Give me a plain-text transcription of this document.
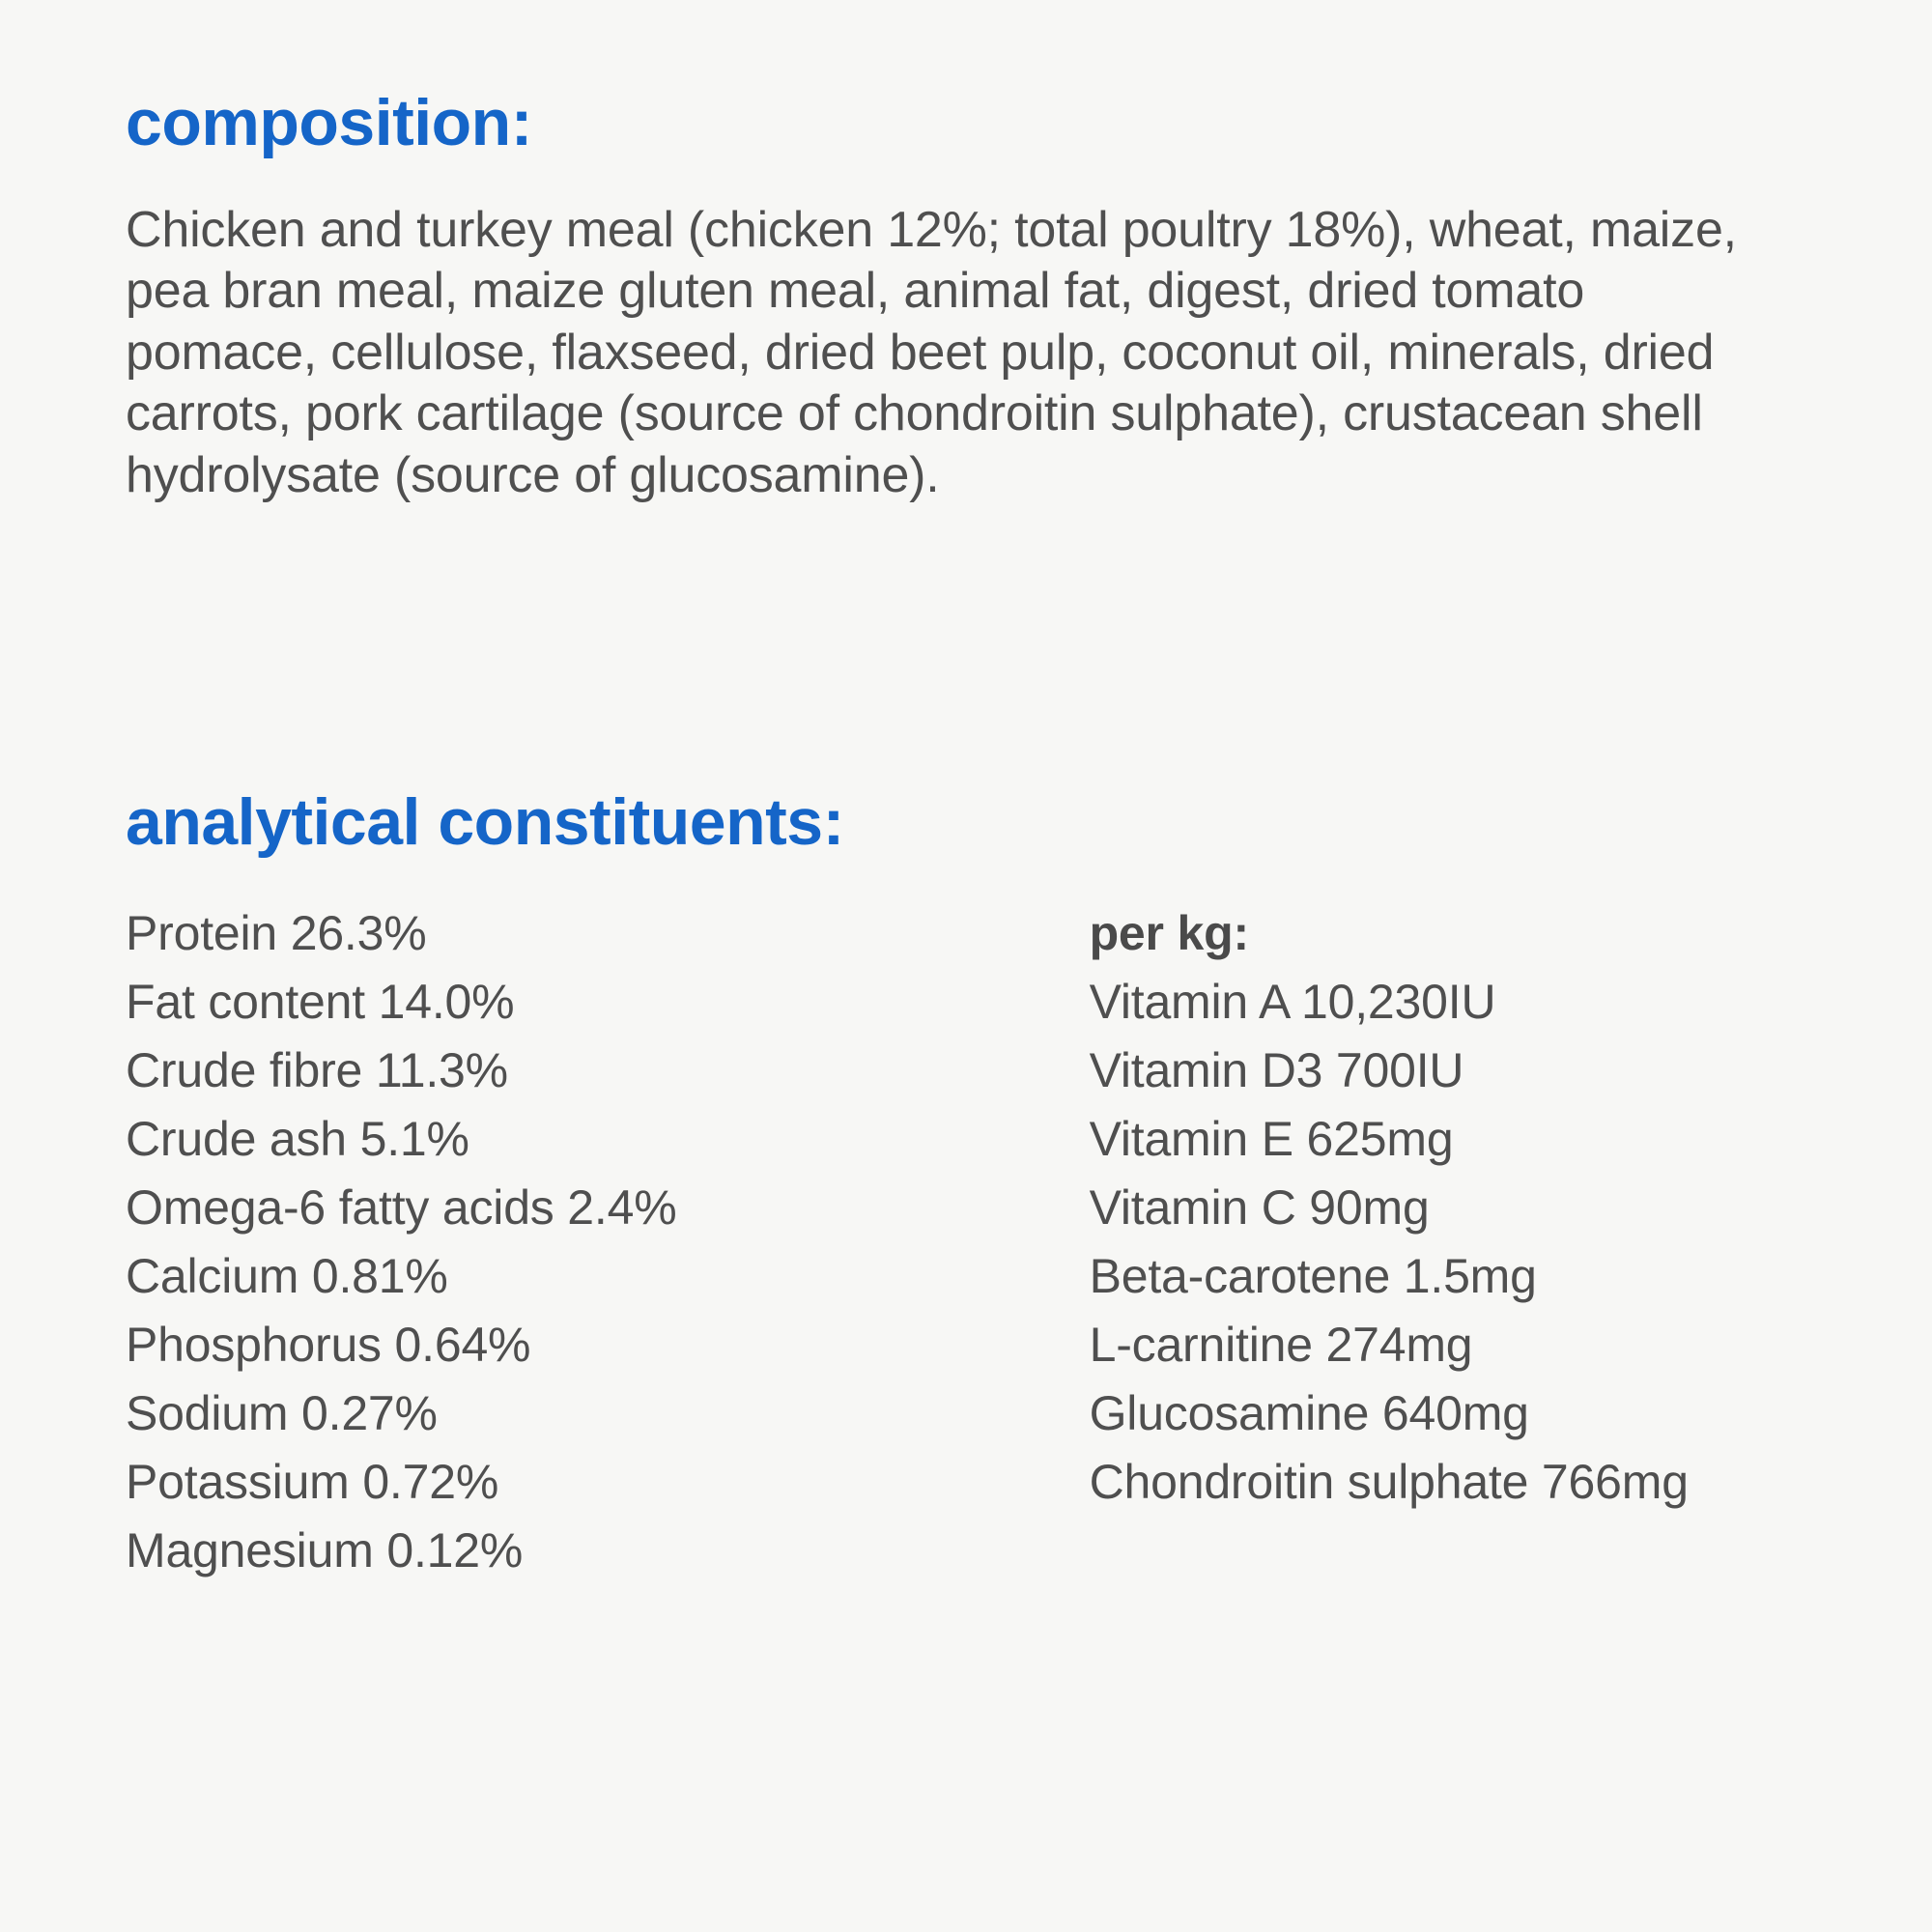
composition:

Chicken and turkey meal (chicken 12%; total poultry 18%), wheat, maize, pea bran meal, maize gluten meal, animal fat, digest, dried tomato pomace, cellulose, flaxseed, dried beet pulp, coconut oil, minerals, dried carrots, pork cartilage (source of chondroitin sulphate), crustacean shell hydrolysate (source of glucosamine).

analytical constituents:
Protein 26.3%
Fat content 14.0%
Crude fibre 11.3%
Crude ash 5.1%
Omega-6 fatty acids 2.4%
Calcium 0.81%
Phosphorus 0.64%
Sodium 0.27%
Potassium 0.72%
Magnesium 0.12%
per kg:
Vitamin A 10,230IU
Vitamin D3 700IU
Vitamin E 625mg
Vitamin C 90mg
Beta-carotene 1.5mg
L-carnitine 274mg
Glucosamine 640mg
Chondroitin sulphate 766mg
